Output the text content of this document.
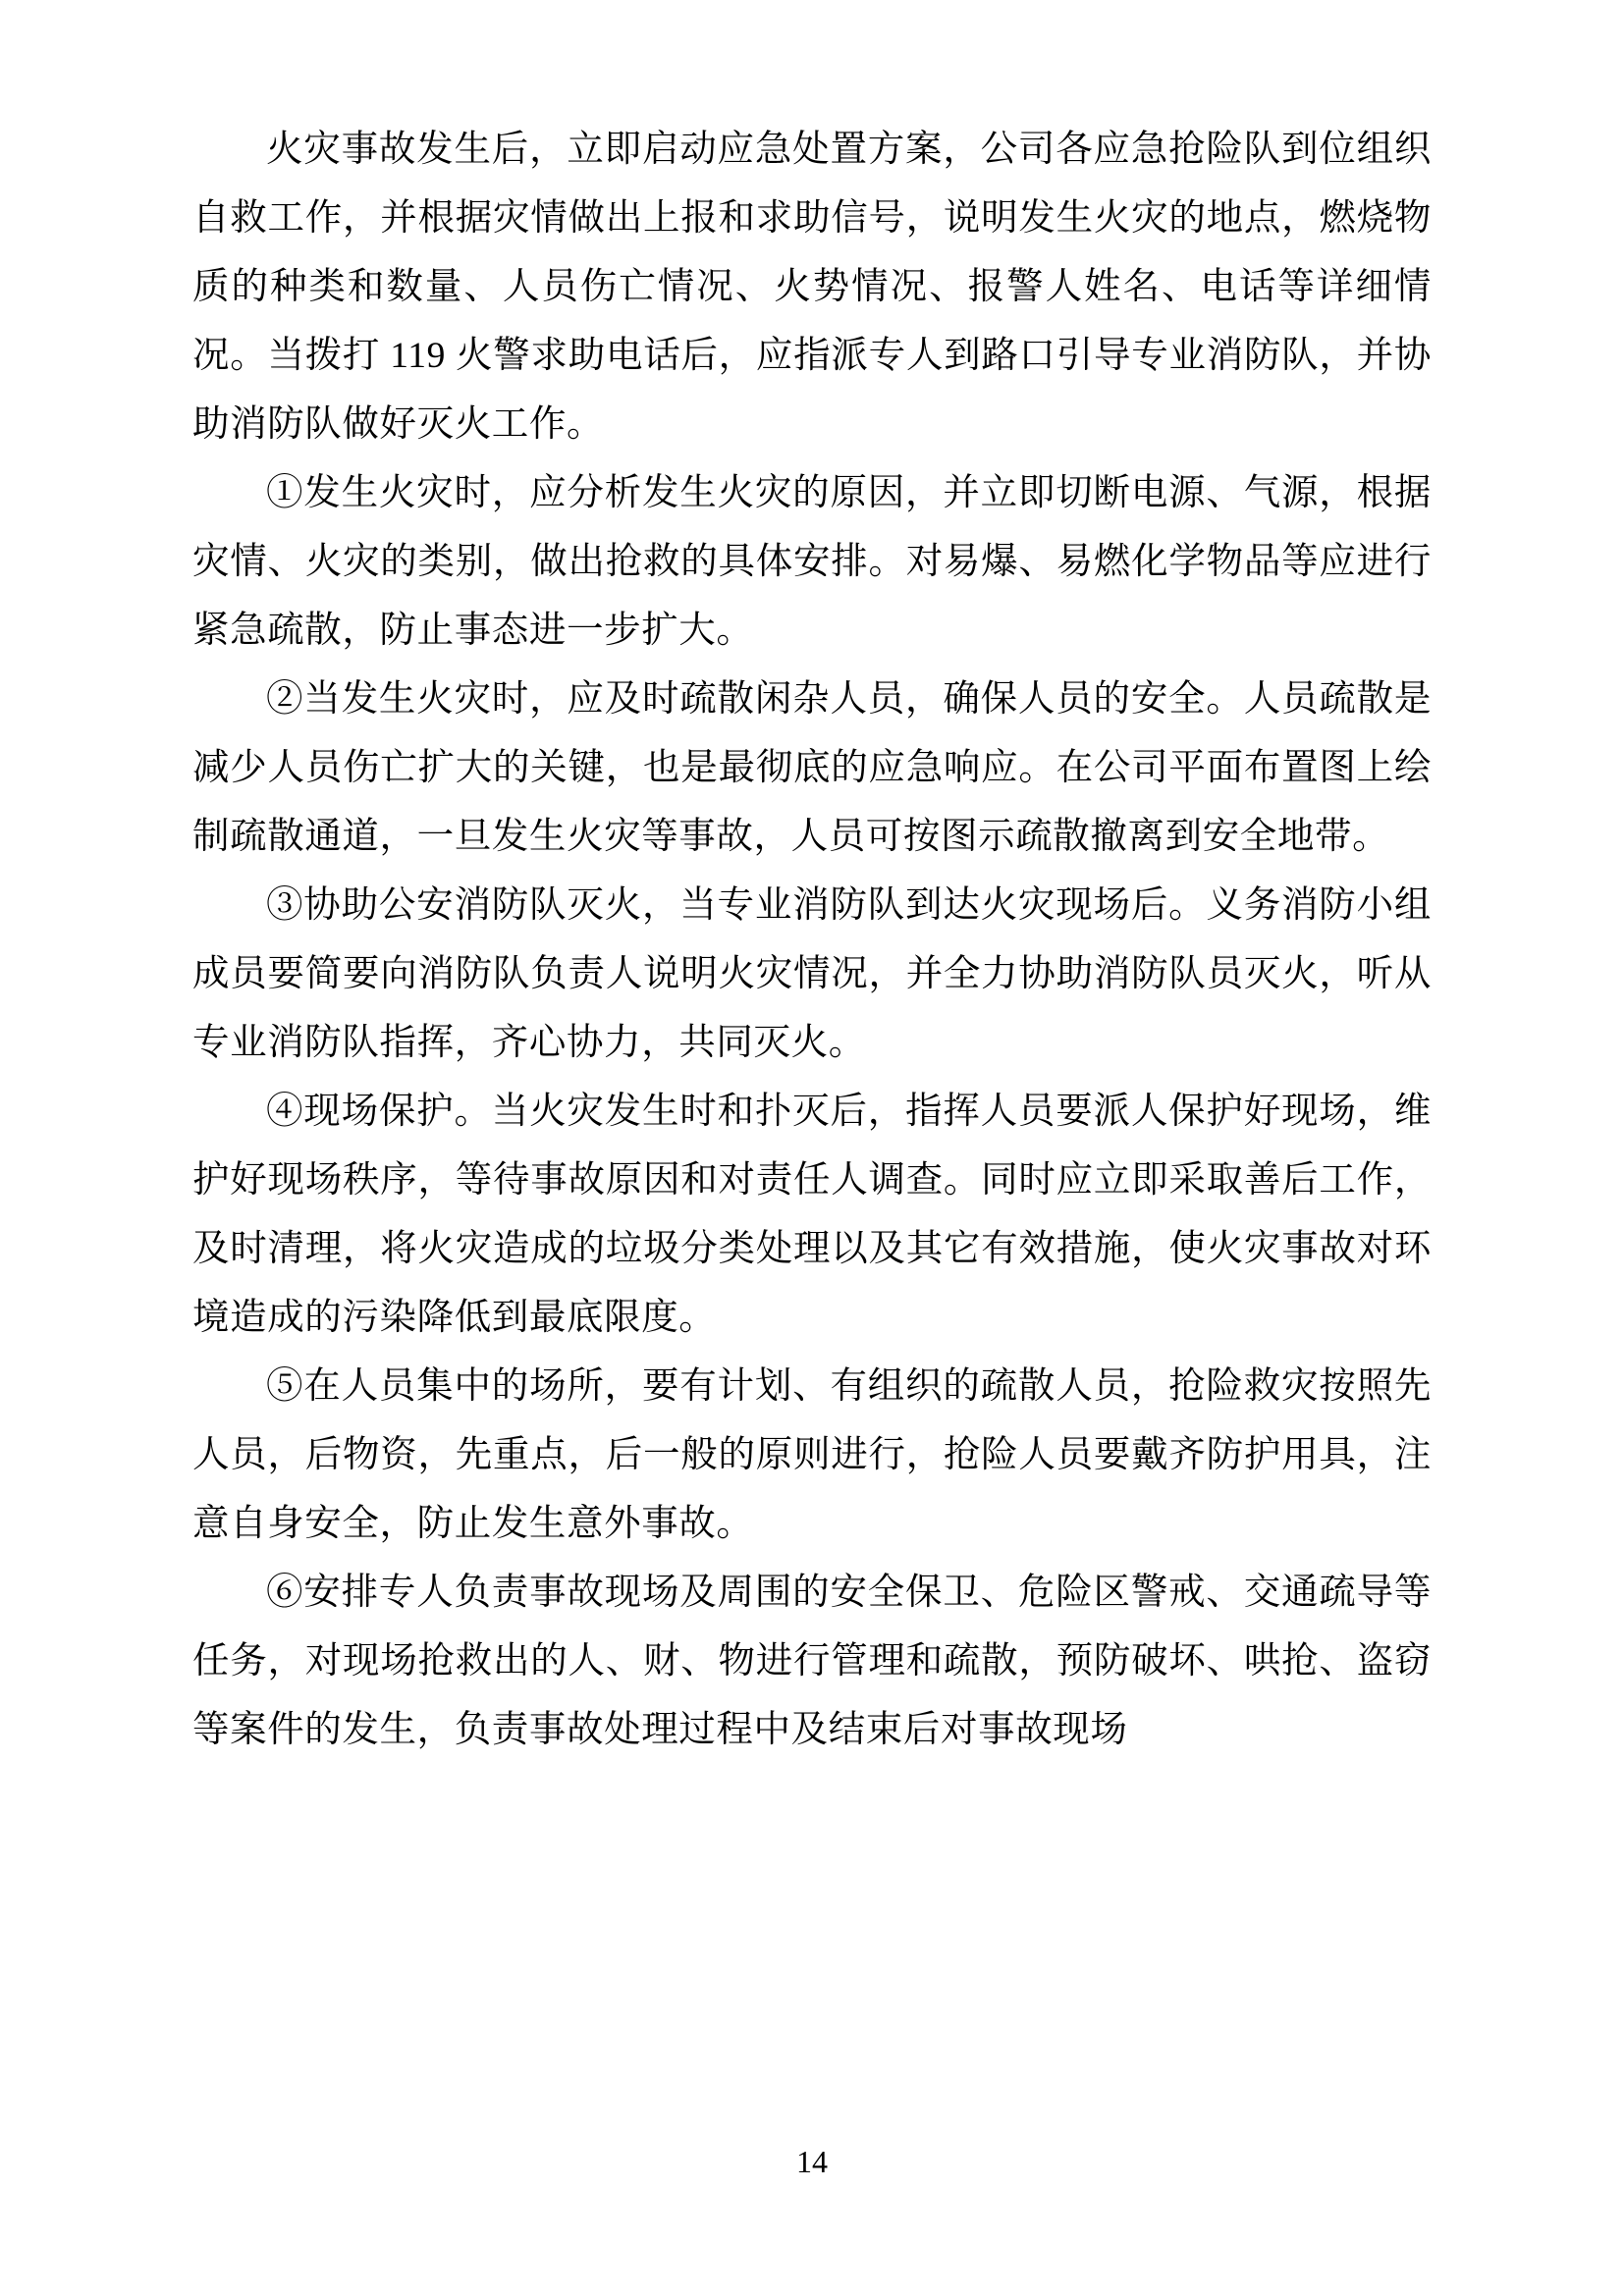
火灾事故发生后，立即启动应急处置方案，公司各应急抢险队到位组织自救工作，并根据灾情做出上报和求助信号，说明发生火灾的地点，燃烧物质的种类和数量、人员伤亡情况、火势情况、报警人姓名、电话等详细情况。当拨打 119 火警求助电话后，应指派专人到路口引导专业消防队，并协助消防队做好灭火工作。

①发生火灾时，应分析发生火灾的原因，并立即切断电源、气源，根据灾情、火灾的类别，做出抢救的具体安排。对易爆、易燃化学物品等应进行紧急疏散，防止事态进一步扩大。

②当发生火灾时，应及时疏散闲杂人员，确保人员的安全。人员疏散是减少人员伤亡扩大的关键，也是最彻底的应急响应。在公司平面布置图上绘制疏散通道，一旦发生火灾等事故，人员可按图示疏散撤离到安全地带。

③协助公安消防队灭火，当专业消防队到达火灾现场后。义务消防小组成员要简要向消防队负责人说明火灾情况，并全力协助消防队员灭火，听从专业消防队指挥，齐心协力，共同灭火。

④现场保护。当火灾发生时和扑灭后，指挥人员要派人保护好现场，维护好现场秩序，等待事故原因和对责任人调查。同时应立即采取善后工作，及时清理，将火灾造成的垃圾分类处理以及其它有效措施，使火灾事故对环境造成的污染降低到最底限度。

⑤在人员集中的场所，要有计划、有组织的疏散人员，抢险救灾按照先人员，后物资，先重点，后一般的原则进行，抢险人员要戴齐防护用具，注意自身安全，防止发生意外事故。

⑥安排专人负责事故现场及周围的安全保卫、危险区警戒、交通疏导等任务，对现场抢救出的人、财、物进行管理和疏散，预防破坏、哄抢、盗窃等案件的发生，负责事故处理过程中及结束后对事故现场

14
